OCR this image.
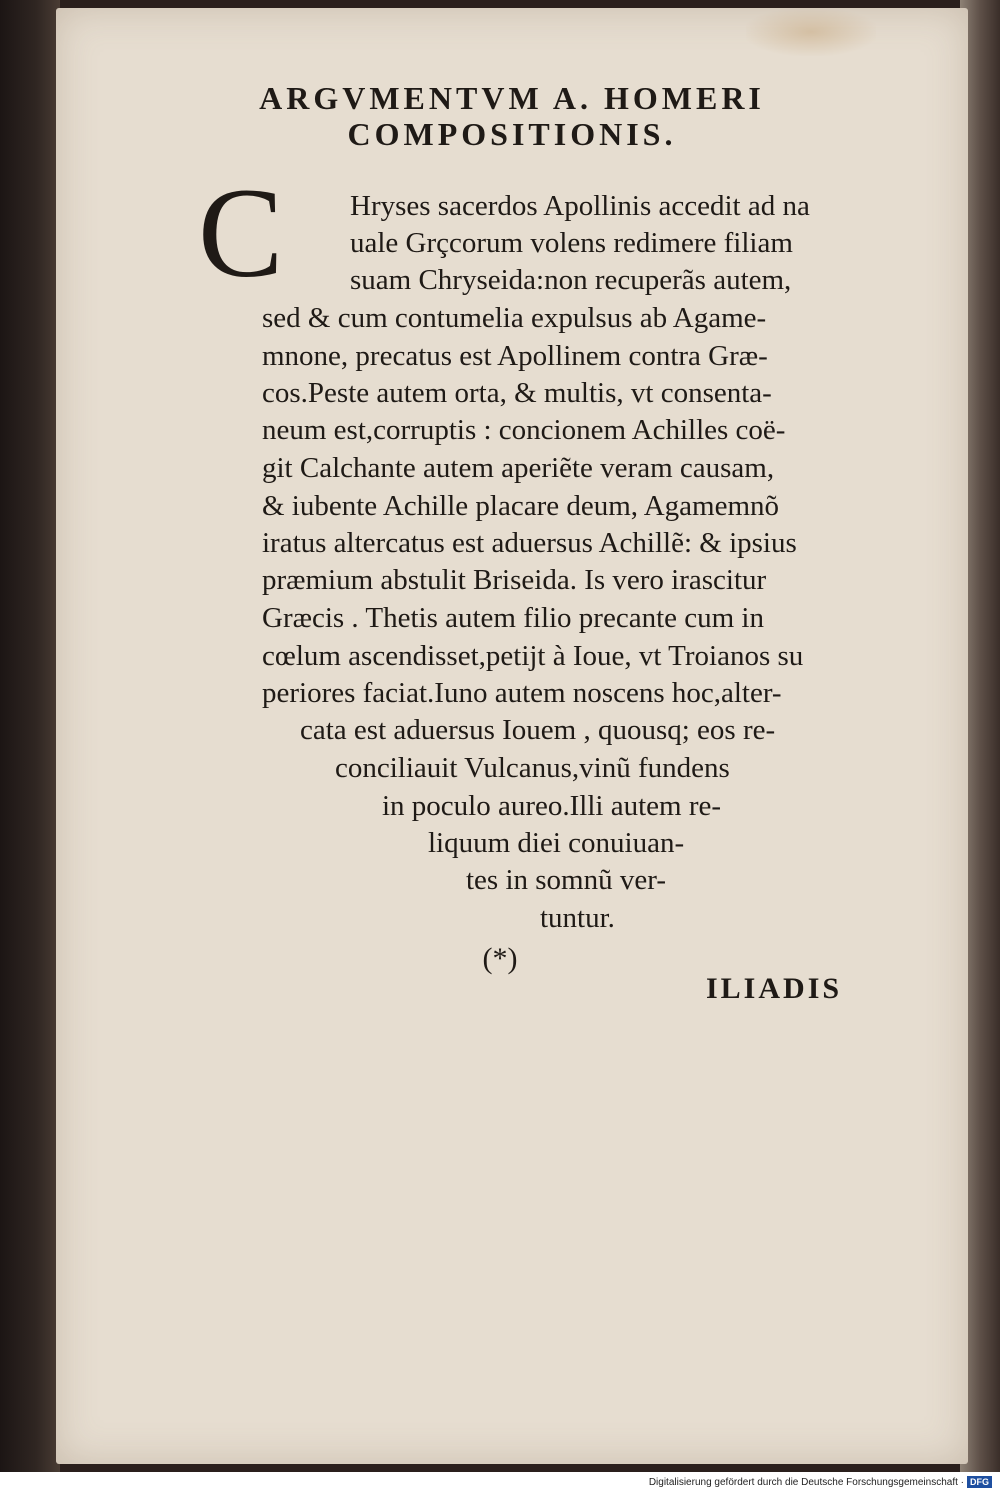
ARGVMENTVM A. HOMERI
COMPOSITIONIS.
C Hryses sacerdos Apollinis accedit ad na
uale Grçcorum volens redimere filiam
suam Chryseida:non recuperãs autem,
sed & cum contumelia expulsus ab Agame-
mnone, precatus est Apollinem contra Græ-
cos.Peste autem orta, & multis, vt consenta-
neum est,corruptis : concionem Achilles coë-
git Calchante autem aperiẽte veram causam,
& iubente Achille placare deum, Agamemnõ
iratus altercatus est aduersus Achillẽ: & ipsius
præmium abstulit Briseida. Is vero irascitur
Græcis . Thetis autem filio precante cum in
cœlum ascendisset,petijt à Ioue, vt Troianos su
periores faciat.Iuno autem noscens hoc,alter-
cata est aduersus Iouem , quousq; eos re-
conciliauit Vulcanus,vinũ fundens
in poculo aureo.Illi autem re-
liquum diei conuiuan-
tes in somnũ ver-
tuntur.
(*)
ILIADIS
Digitalisierung gefördert durch die Deutsche Forschungsgemeinschaft · DFG
